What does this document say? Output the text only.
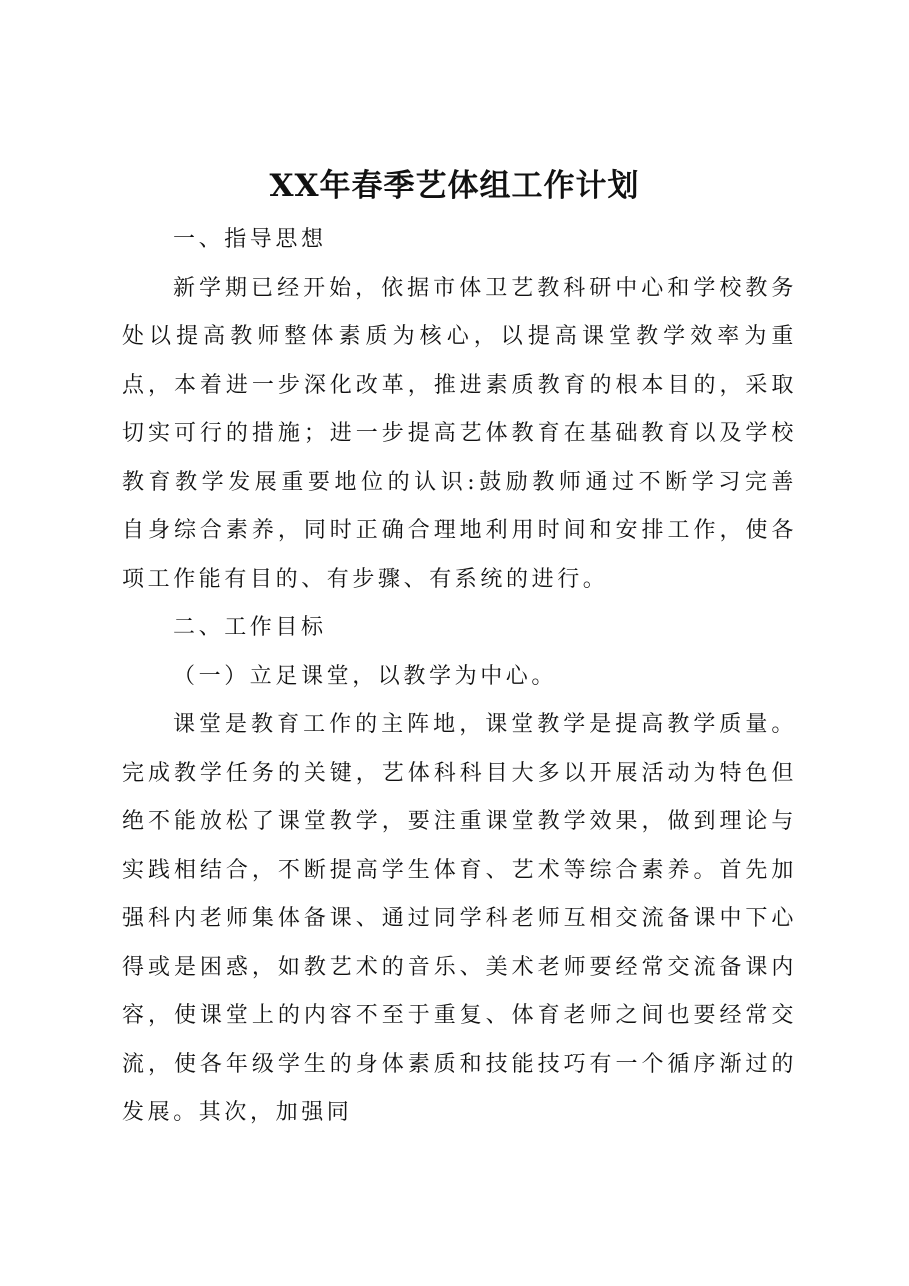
XX年春季艺体组工作计划

一、指导思想

新学期已经开始，依据市体卫艺教科研中心和学校教务处以提高教师整体素质为核心，以提高课堂教学效率为重点，本着进一步深化改革，推进素质教育的根本目的，采取切实可行的措施；进一步提高艺体教育在基础教育以及学校教育教学发展重要地位的认识:鼓励教师通过不断学习完善自身综合素养，同时正确合理地利用时间和安排工作，使各项工作能有目的、有步骤、有系统的进行。

二、工作目标

（一）立足课堂，以教学为中心。

课堂是教育工作的主阵地，课堂教学是提高教学质量。完成教学任务的关键，艺体科科目大多以开展活动为特色但绝不能放松了课堂教学，要注重课堂教学效果，做到理论与实践相结合，不断提高学生体育、艺术等综合素养。首先加强科内老师集体备课、通过同学科老师互相交流备课中下心得或是困惑，如教艺术的音乐、美术老师要经常交流备课内容，使课堂上的内容不至于重复、体育老师之间也要经常交流，使各年级学生的身体素质和技能技巧有一个循序渐过的发展。其次，加强同
